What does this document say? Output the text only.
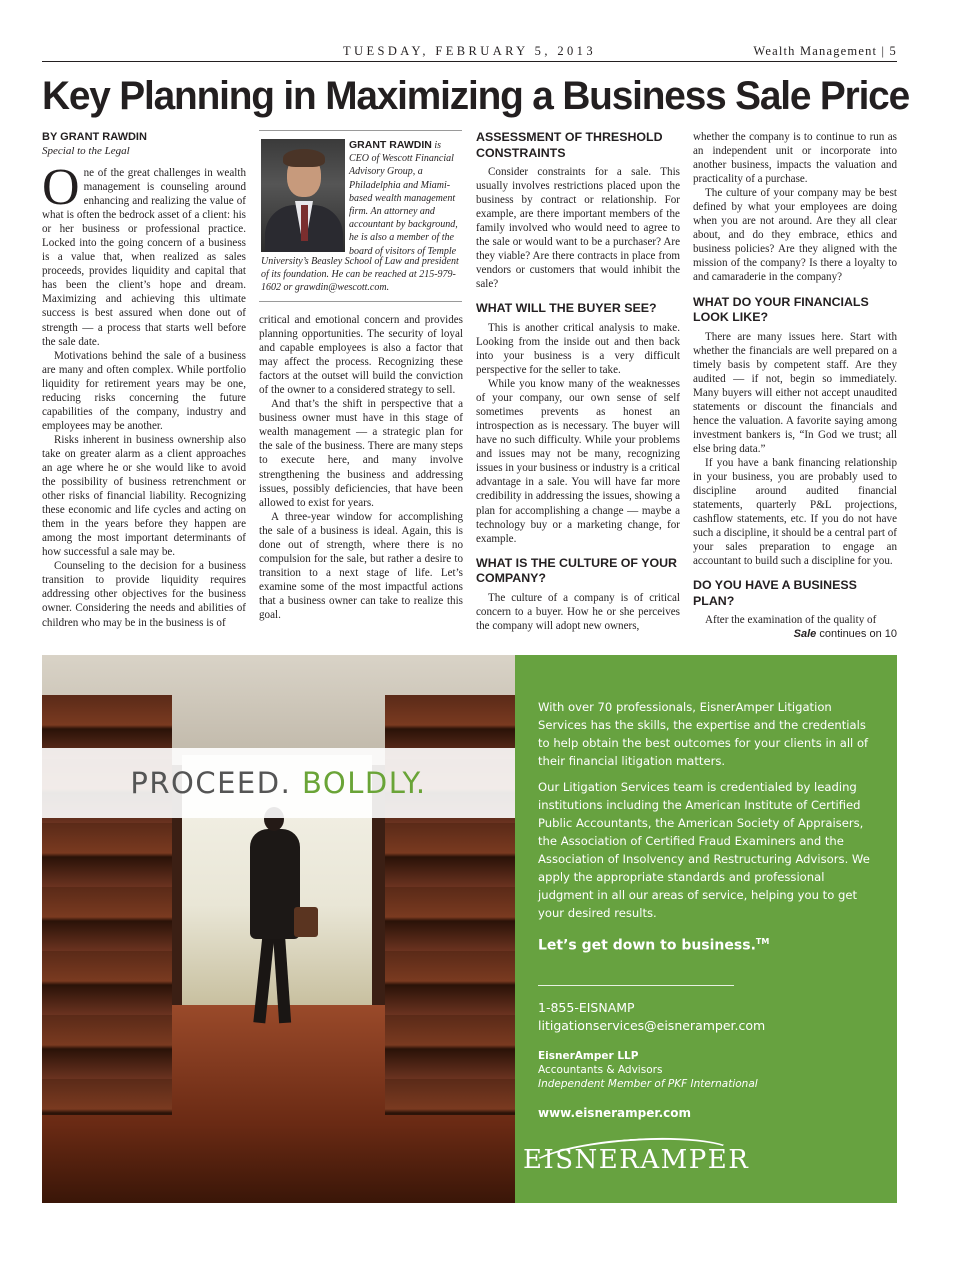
TUESDAY, FEBRUARY 5, 2013	Wealth Management | 5
Key Planning in Maximizing a Business Sale Price
BY GRANT RAWDIN
Special to the Legal

One of the great challenges in wealth management is counseling around enhancing and realizing the value of what is often the bedrock asset of a client: his or her business or professional practice. Locked into the going concern of a business is a value that, when realized as sales proceeds, provides liquidity and capital that has been the client’s hope and dream. Maximizing and achieving this ultimate success is best assured when done out of strength — a process that starts well before the sale date.

Motivations behind the sale of a business are many and often complex. While portfolio liquidity for retirement years may be one, reducing risks concerning the future capabilities of the company, industry and employees may be another.

Risks inherent in business ownership also take on greater alarm as a client approaches an age where he or she would like to avoid the possibility of business retrenchment or other risks of financial liability. Recognizing these economic and life cycles and acting on them in the years before they happen are among the most important determinants of how successful a sale may be.

Counseling to the decision for a business transition to provide liquidity requires addressing other objectives for the business owner. Considering the needs and abilities of children who may be in the business is of

GRANT RAWDIN is CEO of Wescott Financial Advisory Group, a Philadelphia and Miami-based wealth management firm. An attorney and accountant by background, he is also a member of the board of visitors of Temple
University’s Beasley School of Law and president of its foundation. He can be reached at 215-979-1602 or grawdin@wescott.com.

critical and emotional concern and provides planning opportunities. The security of loyal and capable employees is also a factor that may affect the process. Recognizing these factors at the outset will build the conviction of the owner to a considered strategy to sell.

And that’s the shift in perspective that a business owner must have in this stage of wealth management — a strategic plan for the sale of the business. There are many steps to execute here, and many involve strengthening the business and addressing issues, possibly deficiencies, that have been allowed to exist for years.

A three-year window for accomplishing the sale of a business is ideal. Again, this is done out of strength, where there is no compulsion for the sale, but rather a desire to transition to a next stage of life. Let’s examine some of the most impactful actions that a business owner can take to realize this goal.

ASSESSMENT OF THRESHOLD CONSTRAINTS

Consider constraints for a sale. This usually involves restrictions placed upon the business by contract or relationship. For example, are there important members of the family involved who would need to agree to the sale or would want to be a purchaser? Are they viable? Are there contracts in place from vendors or customers that would inhibit the sale?

WHAT WILL THE BUYER SEE?

This is another critical analysis to make. Looking from the inside out and then back into your business is a very difficult perspective for the seller to take.

While you know many of the weaknesses of your company, our own sense of self sometimes prevents as honest an introspection as is necessary. The buyer will have no such difficulty. While your problems and issues may not be many, recognizing issues in your business or industry is a critical advantage in a sale. You will have far more credibility in addressing the issues, showing a plan for accomplishing a change — maybe a technology buy or a marketing change, for example.

WHAT IS THE CULTURE OF YOUR COMPANY?

The culture of a company is of critical concern to a buyer. How he or she perceives the company will adopt new owners,

whether the company is to continue to run as an independent unit or incorporate into another business, impacts the valuation and practicality of a purchase.

The culture of your company may be best defined by what your employees are doing when you are not around. Are they all clear about, and do they embrace, ethics and business policies? Are they aligned with the mission of the company? Is there a loyalty to and camaraderie in the company?

WHAT DO YOUR FINANCIALS LOOK LIKE?

There are many issues here. Start with whether the financials are well prepared on a timely basis by competent staff. Are they audited — if not, begin so immediately. Many buyers will either not accept unaudited statements or discount the financials and hence the valuation. A favorite saying among investment bankers is, “In God we trust; all else bring data.”

If you have a bank financing relationship in your business, you are probably used to discipline around audited financial statements, quarterly P&L projections, cashflow statements, etc. If you do not have such a discipline, it should be a central part of your sales preparation to engage an accountant to build such a discipline for you.

DO YOU HAVE A BUSINESS PLAN?

After the examination of the quality of

Sale continues on 10
PROCEED. BOLDLY.
With over 70 professionals, EisnerAmper Litigation Services has the skills, the expertise and the credentials to help obtain the best outcomes for your clients in all of their financial litigation matters.
Our Litigation Services team is credentialed by leading institutions including the American Institute of Certified Public Accountants, the American Society of Appraisers, the Association of Certified Fraud Examiners and the Association of Insolvency and Restructuring Advisors. We apply the appropriate standards and professional judgment in all our areas of service, helping you to get your desired results.
Let’s get down to business.™
1-855-EISNAMP
litigationservices@eisneramper.com
EisnerAmper LLP
Accountants & Advisors
Independent Member of PKF International
www.eisneramper.com
EISNERAMPER
